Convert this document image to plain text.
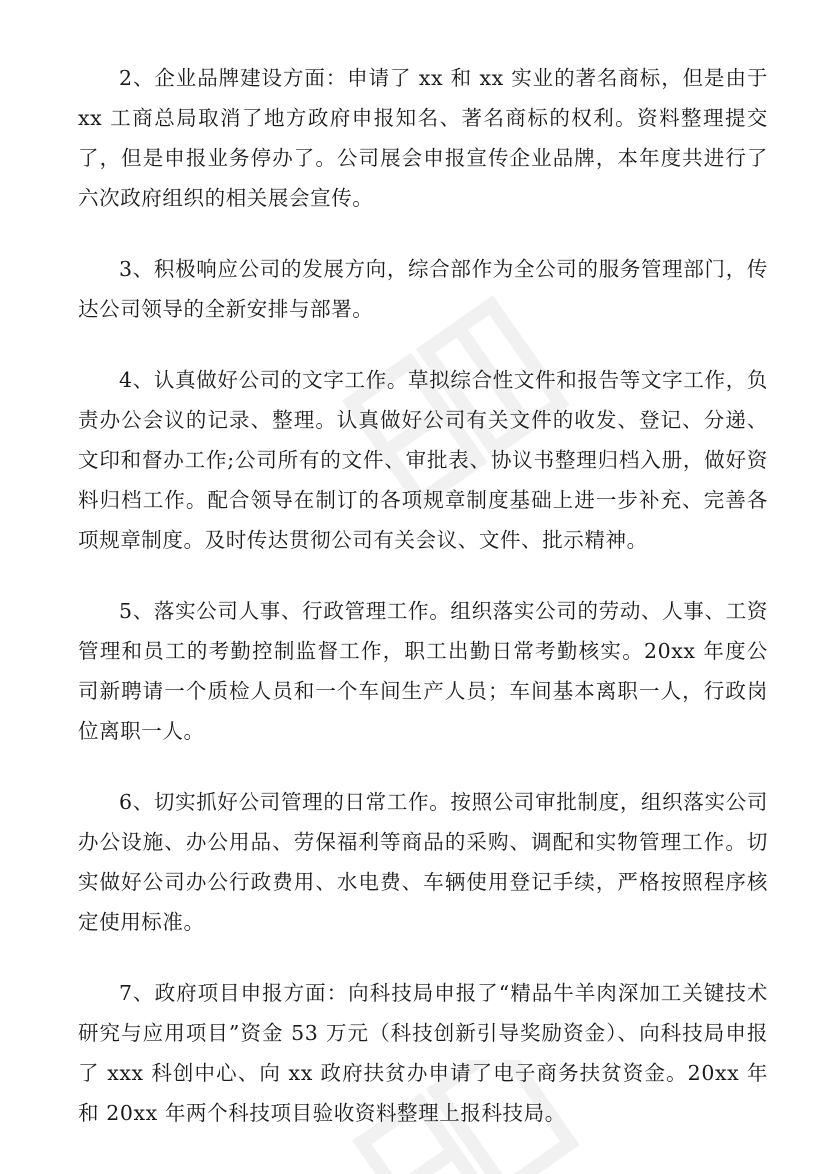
2、企业品牌建设方面：申请了 xx 和 xx 实业的著名商标，但是由于 xx 工商总局取消了地方政府申报知名、著名商标的权利。资料整理提交了，但是申报业务停办了。公司展会申报宣传企业品牌，本年度共进行了六次政府组织的相关展会宣传。

3、积极响应公司的发展方向，综合部作为全公司的服务管理部门，传达公司领导的全新安排与部署。

4、认真做好公司的文字工作。草拟综合性文件和报告等文字工作，负责办公会议的记录、整理。认真做好公司有关文件的收发、登记、分递、文印和督办工作;公司所有的文件、审批表、协议书整理归档入册，做好资料归档工作。配合领导在制订的各项规章制度基础上进一步补充、完善各项规章制度。及时传达贯彻公司有关会议、文件、批示精神。

5、落实公司人事、行政管理工作。组织落实公司的劳动、人事、工资管理和员工的考勤控制监督工作，职工出勤日常考勤核实。20xx 年度公司新聘请一个质检人员和一个车间生产人员；车间基本离职一人，行政岗位离职一人。

6、切实抓好公司管理的日常工作。按照公司审批制度，组织落实公司办公设施、办公用品、劳保福利等商品的采购、调配和实物管理工作。切实做好公司办公行政费用、水电费、车辆使用登记手续，严格按照程序核定使用标准。

7、政府项目申报方面：向科技局申报了“精品牛羊肉深加工关键技术研究与应用项目”资金 53 万元（科技创新引导奖励资金）、向科技局申报了 xxx 科创中心、向 xx 政府扶贫办申请了电子商务扶贫资金。20xx 年和 20xx 年两个科技项目验收资料整理上报科技局。
